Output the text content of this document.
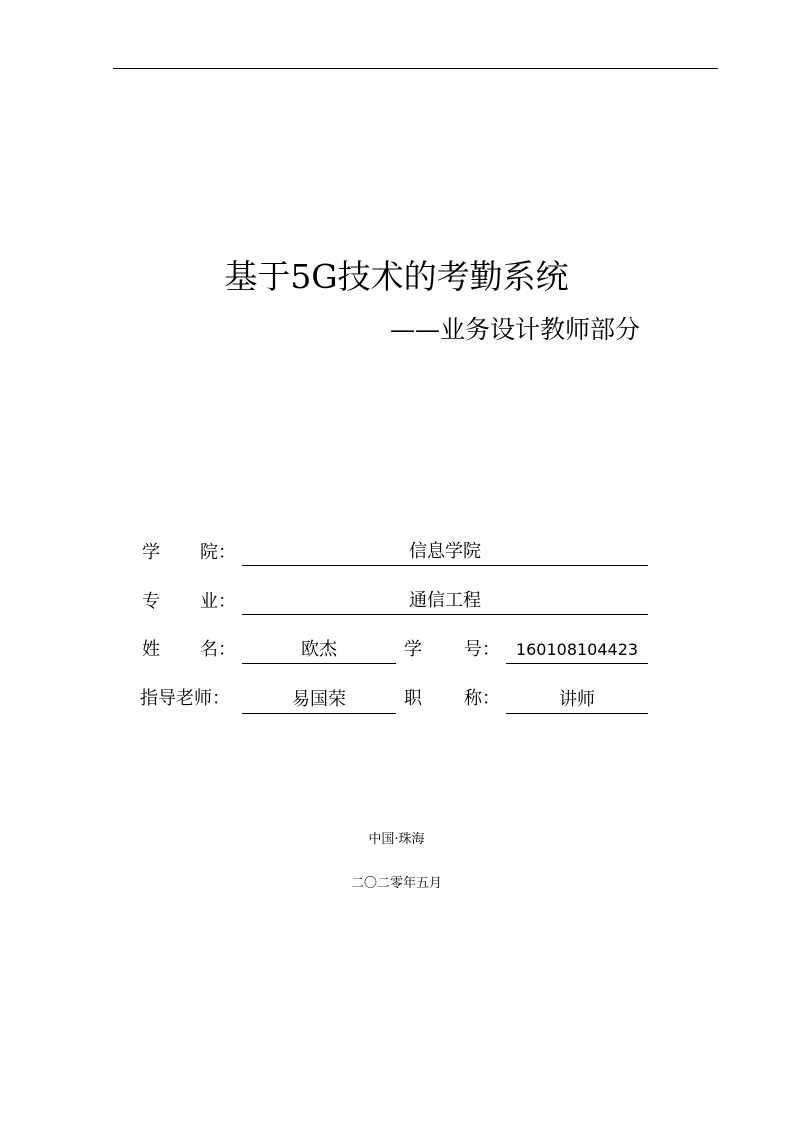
基于5G技术的考勤系统
——业务设计教师部分
学 院：	信息学院
专 业：	通信工程
姓 名：	欧杰	学 号： 160108104423
指导老师：	易国荣	职 称：	讲师
中国·珠海
二〇二零年五月
